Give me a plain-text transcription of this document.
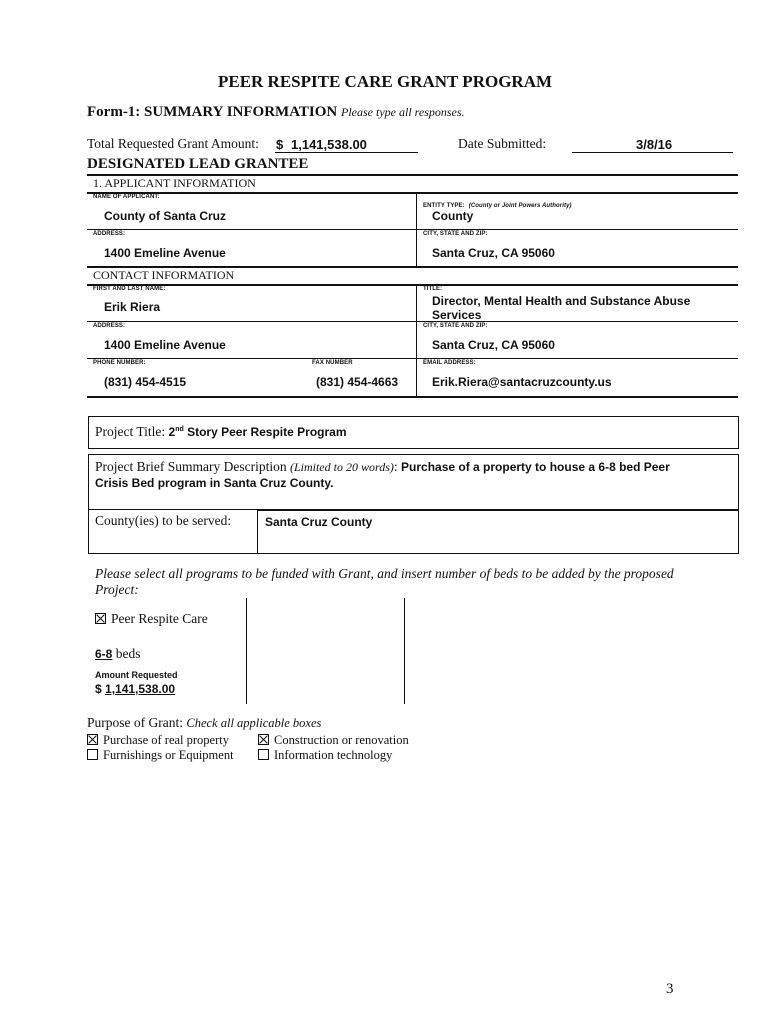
PEER RESPITE CARE GRANT PROGRAM
Form-1: SUMMARY INFORMATION Please type all responses.
Total Requested Grant Amount: $ 1,141,538.00	Date Submitted:	3/8/16
DESIGNATED LEAD GRANTEE
1. APPLICANT INFORMATION
NAME OF APPLICANT:
County of Santa Cruz
ENTITY TYPE: (County or Joint Powers Authority)
County
ADDRESS:
1400 Emeline Avenue
CITY, STATE AND ZIP:
Santa Cruz, CA 95060
CONTACT INFORMATION
FIRST AND LAST NAME:
Erik Riera
TITLE:
Director, Mental Health and Substance Abuse
Services
ADDRESS:
1400 Emeline Avenue
CITY, STATE AND ZIP:
Santa Cruz, CA 95060
PHONE NUMBER:
(831) 454-4515
FAX NUMBER
(831) 454-4663
EMAIL ADDRESS:
Erik.Riera@santacruzcounty.us
Project Title: 2nd Story Peer Respite Program
Project Brief Summary Description (Limited to 20 words): Purchase of a property to house a 6-8 bed Peer
Crisis Bed program in Santa Cruz County.
County(ies) to be served:	Santa Cruz County
Please select all programs to be funded with Grant, and insert number of beds to be added by the proposed
Project:
Peer Respite Care
6-8 beds
Amount Requested
$ 1,141,538.00
Purpose of Grant: Check all applicable boxes
Purchase of real property	Construction or renovation
Furnishings or Equipment	Information technology
3
